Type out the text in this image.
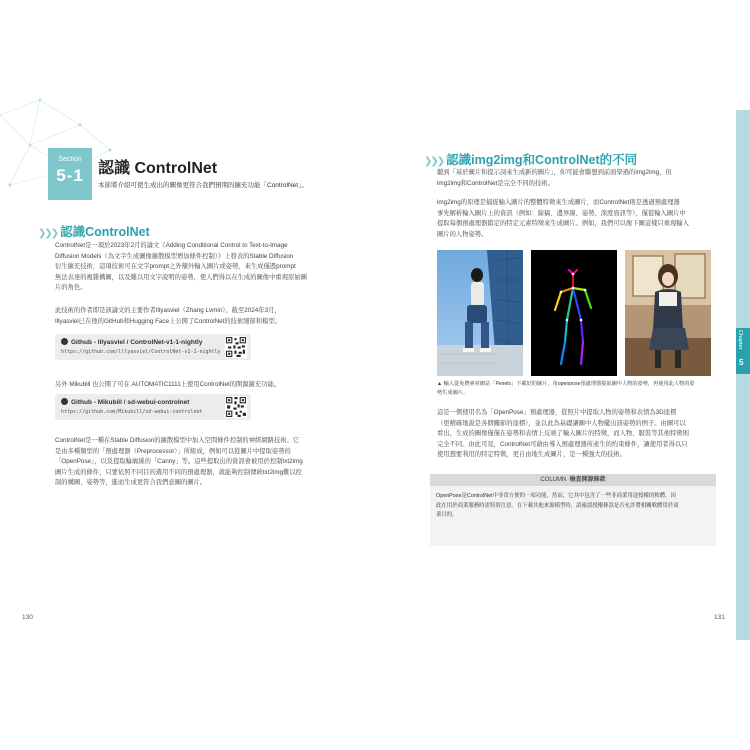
Section
5-1 認識 ControlNet
本節將介紹可使生成出的圖像更符合我們預期的擴充功能「ControlNet」。
❯❯❯ 認識ControlNet
ControlNet是一項於2023年2月的論文《Adding Conditional Control to Text-to-Image
Diffusion Models（為文字生成圖像擴散模型增加條件控制）》上發表的Stable Diffusion
衍生擴充技術，這項技術可在文字prompt之外額外輸入圖片或姿勢，來生成僅憑prompt
無法表達的複雜構圖，以及難以用文字說明的姿勢，使人們得以在生成的圖像中重現原始圖
片的角色。
此技術的作者即是該論文的主要作者Illyasviel（Zhang Lvmin）。截至2024年3月，
Illyasviel已在他的GitHub和Hugging Face上公開了ControlNet的技術細節和模型。
Github - lllyasviel / ControlNet-v1-1-nightly
https://github.com/lllyasviel/ControlNet-v1-1-nightly
另外 Mikubill 也公開了可在 AUTOMATIC1111上使用ControlNet的開源擴充功能。
Github - Mikubill / sd-webui-controlnet
https://github.com/Mikubill/sd-webui-controlnet
ControlNet是一種在Stable Diffusion的擴散模型中加入空間條件控制的神經網路技術。它
是由多種類型的「預處理器（Preprocessor）」所組成，例如可以從圖片中提取姿勢的
「OpenPose」，以及提取輪廓線的「Canny」等。這些提取出的資訊會被用於控制txt2img
圖片生成的條件，只要依照不同目的選用不同的預處理器，就能夠控制傳統txt2img難以控
制的構圖、姿勢等，進而生成更符合我們意圖的圖片。
130
❯❯❯ 認識img2img和ControlNet的不同
聽到「基於圖片和提示詞來生成新的圖片」，你可能會聯想到前面學過的img2img，但
img2img和ControlNet是完全不同的技術。
img2img的原理是捕捉輸入圖片的整體特徵來生成圖片，而ControlNet則是透過預處理器
事先解析輸入圖片上的資訊（例如：線稿、邊界線、姿勢、深度資訊等），僅從輸入圖片中
提取每個預處理器鎖定的特定元素特徵來生成圖片。例如，我們可以像下圖這樣只重現輸入
圖片的人物姿勢。
▲ 輸入從免費素材網站「Pexels」下載好的圖片，用openpose預處理器提取圖中人物的姿勢，再使用此人物的姿
勢生成圖片。
這是一個使用名為「OpenPose」預處理器，從照片中提取人物的姿勢和表情為3D座標
（更精確地說是各個關節的座標），並以此為基礎讓圖中人物擺出該姿勢的例子。由圖可以
看出，生成的圖像僅僅在姿勢和表情上反映了輸入圖片的特徵，而人物、服裝等其他特徵則
完全不同。由此可見，ControlNet可藉由導入預處理器所產生的約束條件，讓使用者得以只
使用想要利用的特定特徵，更自由地生成圖片，是一種強大的技術。
COLUMN 檢查開源條款
OpenPose是ControlNet中非常方便的一項功能，然而，它其中包含了一些非商業用途授權的軟體，因
此在用於商業服務時需特別注意。在下載其他來源模型時，請確認授權條款是否允許將相關軟體用於商
業目的。
131
Chapter
5
